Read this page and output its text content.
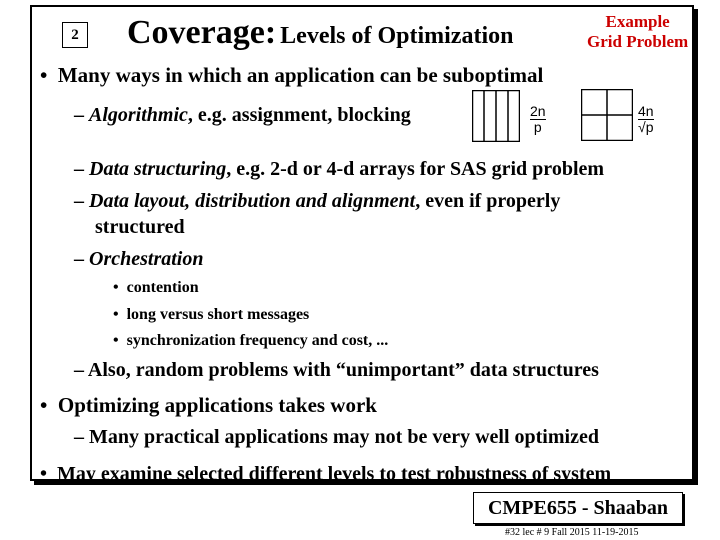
2 Coverage: Levels of Optimization
Example
Grid Problem
•  Many ways in which an application can be suboptimal
– Algorithmic, e.g. assignment, blocking	$\frac{2n}{p}$	$\frac{4n}{√p}$
– Data structuring, e.g. 2-d or 4-d arrays for SAS grid problem
– Data layout, distribution and alignment, even if properly
structured
– Orchestration
•  contention
•  long versus short messages
•  synchronization frequency and cost, ...
– Also, random problems with “unimportant” data structures
•  Optimizing applications takes work
– Many practical applications may not be very well optimized
•  May examine selected different levels to test robustness of system
CMPE655 - Shaaban
#32 lec # 9 Fall 2015 11-19-2015
